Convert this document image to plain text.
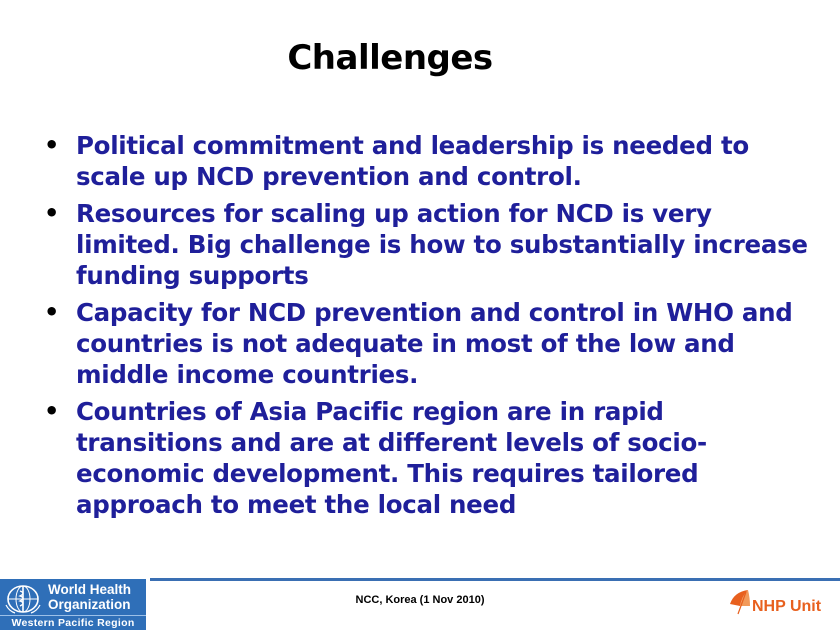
Challenges
• Political commitment and leadership is needed to scale up NCD prevention and control.
• Resources for scaling up action for NCD is very limited. Big challenge is how to substantially increase funding supports
• Capacity for NCD prevention and control in WHO and countries is not adequate in most of the low and middle income countries.
• Countries of Asia Pacific region are in rapid transitions and are at different levels of socio-economic development. This requires tailored approach to meet the local need
World Health
Organization
Western Pacific Region
NCC, Korea (1 Nov 2010)	NHP Unit
